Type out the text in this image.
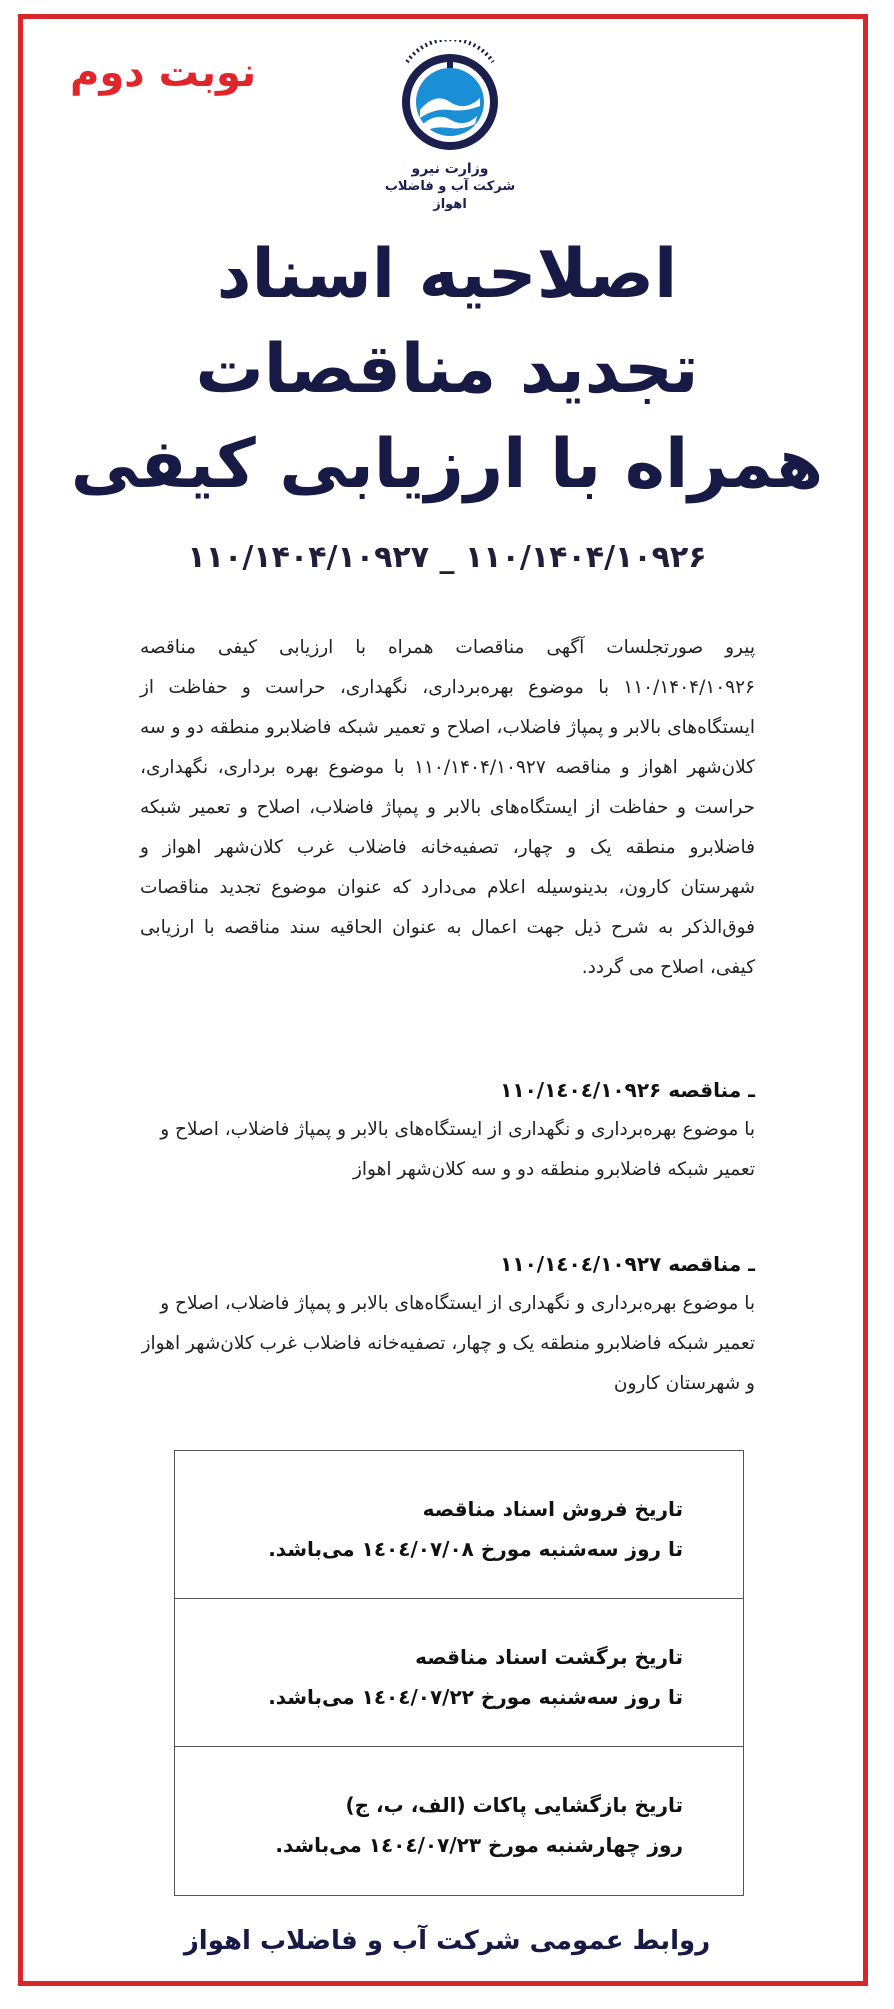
نوبت دوم
وزارت نیرو
شرکت آب و فاضلاب اهواز
اصلاحیه اسناد
تجدید مناقصات
همراه با ارزیابی کیفی
۱۱۰/۱۴۰۴/۱۰۹۲۶ _ ۱۱۰/۱۴۰۴/۱۰۹۲۷
پیرو صورتجلسات آگهی مناقصات همراه با ارزیابی کیفی مناقصه ۱۱۰/۱۴۰۴/۱۰۹۲۶ با موضوع بهره‌برداری، نگهداری، حراست و حفاظت از ایستگاه‌های بالابر و پمپاژ فاضلاب، اصلاح و تعمیر شبکه فاضلابرو منطقه دو و سه کلان‌شهر اهواز و مناقصه ۱۱۰/۱۴۰۴/۱۰۹۲۷ با موضوع بهره برداری، نگهداری، حراست و حفاظت از ایستگاه‌های بالابر و پمپاژ فاضلاب، اصلاح و تعمیر شبکه فاضلابرو منطقه یک و چهار، تصفیه‌خانه فاضلاب غرب کلان‌شهر اهواز و شهرستان کارون، بدینوسیله اعلام می‌دارد که عنوان موضوع تجدید مناقصات فوق‌الذکر به شرح ذیل جهت اعمال به عنوان الحاقیه سند مناقصه با ارزیابی کیفی، اصلاح می گردد.
ـ مناقصه ۱۱۰/۱٤۰٤/۱۰۹۲۶
با موضوع بهره‌برداری و نگهداری از ایستگاه‌های بالابر و پمپاژ فاضلاب، اصلاح و تعمیر شبکه فاضلابرو منطقه دو و سه کلان‌شهر اهواز
ـ مناقصه ۱۱۰/۱٤۰٤/۱۰۹۲۷
با موضوع بهره‌برداری و نگهداری از ایستگاه‌های بالابر و پمپاژ فاضلاب، اصلاح و تعمیر شبکه فاضلابرو منطقه یک و چهار، تصفیه‌خانه فاضلاب غرب کلان‌شهر اهواز و شهرستان کارون
تاریخ فروش اسناد مناقصه
تا روز سه‌شنبه مورخ ۱٤۰٤/۰۷/۰۸ می‌باشد.
تاریخ برگشت اسناد مناقصه
تا روز سه‌شنبه مورخ ۱٤۰٤/۰۷/۲۲ می‌باشد.
تاریخ بازگشایی پاکات (الف، ب، ج)
روز چهارشنبه مورخ ۱٤۰٤/۰۷/۲۳ می‌باشد.
روابط عمومی شرکت آب و فاضلاب اهواز
